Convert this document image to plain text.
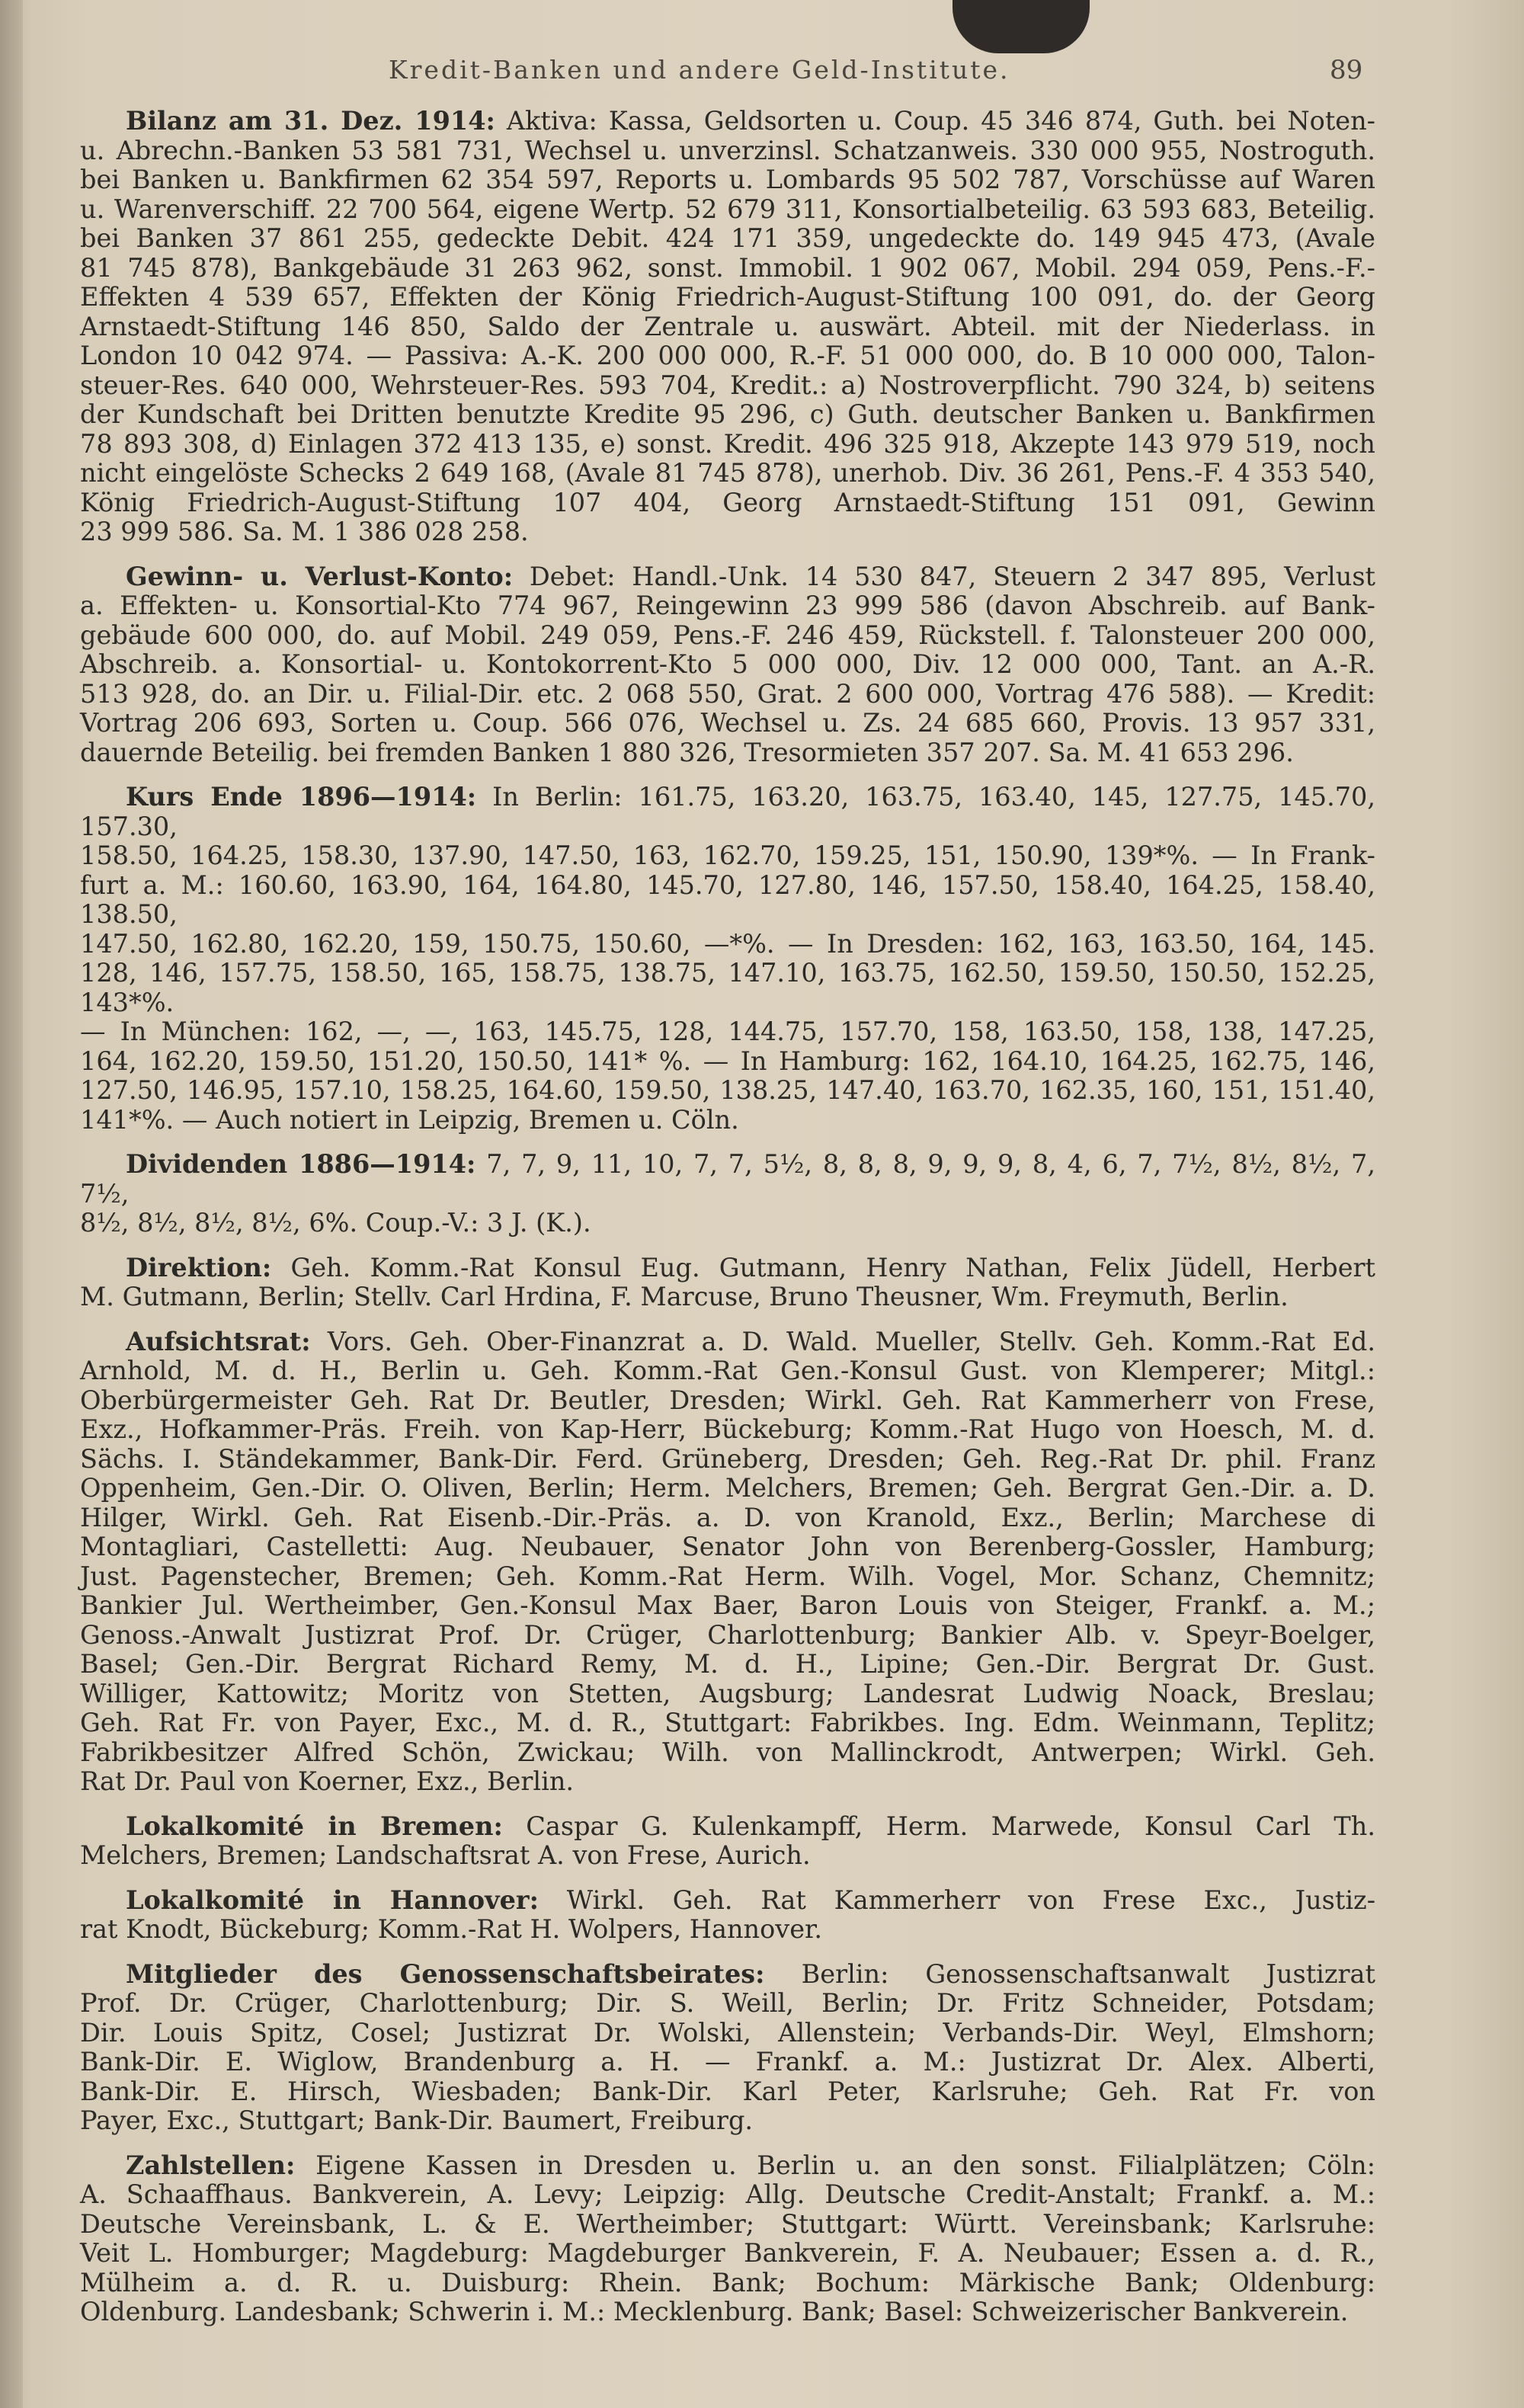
Kredit-Banken und andere Geld-Institute.	89

Bilanz am 31. Dez. 1914: Aktiva: Kassa, Geldsorten u. Coup. 45 346 874, Guth. bei Noten-

u. Abrechn.-Banken 53 581 731, Wechsel u. unverzinsl. Schatzanweis. 330 000 955, Nostroguth.

bei Banken u. Bankfirmen 62 354 597, Reports u. Lombards 95 502 787, Vorschüsse auf Waren

u. Warenverschiff. 22 700 564, eigene Wertp. 52 679 311, Konsortialbeteilig. 63 593 683, Beteilig.

bei Banken 37 861 255, gedeckte Debit. 424 171 359, ungedeckte do. 149 945 473, (Avale

81 745 878), Bankgebäude 31 263 962, sonst. Immobil. 1 902 067, Mobil. 294 059, Pens.-F.-

Effekten 4 539 657, Effekten der König Friedrich-August-Stiftung 100 091, do. der Georg

Arnstaedt-Stiftung 146 850, Saldo der Zentrale u. auswärt. Abteil. mit der Niederlass. in

London 10 042 974. — Passiva: A.-K. 200 000 000, R.-F. 51 000 000, do. B 10 000 000, Talon-

steuer-Res. 640 000, Wehrsteuer-Res. 593 704, Kredit.: a) Nostroverpflicht. 790 324, b) seitens

der Kundschaft bei Dritten benutzte Kredite 95 296, c) Guth. deutscher Banken u. Bankfirmen

78 893 308, d) Einlagen 372 413 135, e) sonst. Kredit. 496 325 918, Akzepte 143 979 519, noch

nicht eingelöste Schecks 2 649 168, (Avale 81 745 878), unerhob. Div. 36 261, Pens.-F. 4 353 540,

König Friedrich-August-Stiftung 107 404, Georg Arnstaedt-Stiftung 151 091, Gewinn

23 999 586. Sa. M. 1 386 028 258.

Gewinn- u. Verlust-Konto: Debet: Handl.-Unk. 14 530 847, Steuern 2 347 895, Verlust

a. Effekten- u. Konsortial-Kto 774 967, Reingewinn 23 999 586 (davon Abschreib. auf Bank-

gebäude 600 000, do. auf Mobil. 249 059, Pens.-F. 246 459, Rückstell. f. Talonsteuer 200 000,

Abschreib. a. Konsortial- u. Kontokorrent-Kto 5 000 000, Div. 12 000 000, Tant. an A.-R.

513 928, do. an Dir. u. Filial-Dir. etc. 2 068 550, Grat. 2 600 000, Vortrag 476 588). — Kredit:

Vortrag 206 693, Sorten u. Coup. 566 076, Wechsel u. Zs. 24 685 660, Provis. 13 957 331,

dauernde Beteilig. bei fremden Banken 1 880 326, Tresormieten 357 207. Sa. M. 41 653 296.

Kurs Ende 1896—1914: In Berlin: 161.75, 163.20, 163.75, 163.40, 145, 127.75, 145.70, 157.30,

158.50, 164.25, 158.30, 137.90, 147.50, 163, 162.70, 159.25, 151, 150.90, 139*%. — In Frank-

furt a. M.: 160.60, 163.90, 164, 164.80, 145.70, 127.80, 146, 157.50, 158.40, 164.25, 158.40, 138.50,

147.50, 162.80, 162.20, 159, 150.75, 150.60, —*%. — In Dresden: 162, 163, 163.50, 164, 145.

128, 146, 157.75, 158.50, 165, 158.75, 138.75, 147.10, 163.75, 162.50, 159.50, 150.50, 152.25, 143*%.

— In München: 162, —, —, 163, 145.75, 128, 144.75, 157.70, 158, 163.50, 158, 138, 147.25,

164, 162.20, 159.50, 151.20, 150.50, 141* %. — In Hamburg: 162, 164.10, 164.25, 162.75, 146,

127.50, 146.95, 157.10, 158.25, 164.60, 159.50, 138.25, 147.40, 163.70, 162.35, 160, 151, 151.40,

141*%. — Auch notiert in Leipzig, Bremen u. Cöln.

Dividenden 1886—1914: 7, 7, 9, 11, 10, 7, 7, 5½, 8, 8, 8, 9, 9, 9, 8, 4, 6, 7, 7½, 8½, 8½, 7, 7½,

8½, 8½, 8½, 8½, 6%. Coup.-V.: 3 J. (K.).

Direktion: Geh. Komm.-Rat Konsul Eug. Gutmann, Henry Nathan, Felix Jüdell, Herbert

M. Gutmann, Berlin; Stellv. Carl Hrdina, F. Marcuse, Bruno Theusner, Wm. Freymuth, Berlin.

Aufsichtsrat: Vors. Geh. Ober-Finanzrat a. D. Wald. Mueller, Stellv. Geh. Komm.-Rat Ed.

Arnhold, M. d. H., Berlin u. Geh. Komm.-Rat Gen.-Konsul Gust. von Klemperer; Mitgl.:

Oberbürgermeister Geh. Rat Dr. Beutler, Dresden; Wirkl. Geh. Rat Kammerherr von Frese,

Exz., Hofkammer-Präs. Freih. von Kap-Herr, Bückeburg; Komm.-Rat Hugo von Hoesch, M. d.

Sächs. I. Ständekammer, Bank-Dir. Ferd. Grüneberg, Dresden; Geh. Reg.-Rat Dr. phil. Franz

Oppenheim, Gen.-Dir. O. Oliven, Berlin; Herm. Melchers, Bremen; Geh. Bergrat Gen.-Dir. a. D.

Hilger, Wirkl. Geh. Rat Eisenb.-Dir.-Präs. a. D. von Kranold, Exz., Berlin; Marchese di

Montagliari, Castelletti: Aug. Neubauer, Senator John von Berenberg-Gossler, Hamburg;

Just. Pagenstecher, Bremen; Geh. Komm.-Rat Herm. Wilh. Vogel, Mor. Schanz, Chemnitz;

Bankier Jul. Wertheimber, Gen.-Konsul Max Baer, Baron Louis von Steiger, Frankf. a. M.;

Genoss.-Anwalt Justizrat Prof. Dr. Crüger, Charlottenburg; Bankier Alb. v. Speyr-Boelger,

Basel; Gen.-Dir. Bergrat Richard Remy, M. d. H., Lipine; Gen.-Dir. Bergrat Dr. Gust.

Williger, Kattowitz; Moritz von Stetten, Augsburg; Landesrat Ludwig Noack, Breslau;

Geh. Rat Fr. von Payer, Exc., M. d. R., Stuttgart: Fabrikbes. Ing. Edm. Weinmann, Teplitz;

Fabrikbesitzer Alfred Schön, Zwickau; Wilh. von Mallinckrodt, Antwerpen; Wirkl. Geh.

Rat Dr. Paul von Koerner, Exz., Berlin.

Lokalkomité in Bremen: Caspar G. Kulenkampff, Herm. Marwede, Konsul Carl Th.

Melchers, Bremen; Landschaftsrat A. von Frese, Aurich.

Lokalkomité in Hannover: Wirkl. Geh. Rat Kammerherr von Frese Exc., Justiz-

rat Knodt, Bückeburg; Komm.-Rat H. Wolpers, Hannover.

Mitglieder des Genossenschaftsbeirates: Berlin: Genossenschaftsanwalt Justizrat

Prof. Dr. Crüger, Charlottenburg; Dir. S. Weill, Berlin; Dr. Fritz Schneider, Potsdam;

Dir. Louis Spitz, Cosel; Justizrat Dr. Wolski, Allenstein; Verbands-Dir. Weyl, Elmshorn;

Bank-Dir. E. Wiglow, Brandenburg a. H. — Frankf. a. M.: Justizrat Dr. Alex. Alberti,

Bank-Dir. E. Hirsch, Wiesbaden; Bank-Dir. Karl Peter, Karlsruhe; Geh. Rat Fr. von

Payer, Exc., Stuttgart; Bank-Dir. Baumert, Freiburg.

Zahlstellen: Eigene Kassen in Dresden u. Berlin u. an den sonst. Filialplätzen; Cöln:

A. Schaaffhaus. Bankverein, A. Levy; Leipzig: Allg. Deutsche Credit-Anstalt; Frankf. a. M.:

Deutsche Vereinsbank, L. & E. Wertheimber; Stuttgart: Württ. Vereinsbank; Karlsruhe:

Veit L. Homburger; Magdeburg: Magdeburger Bankverein, F. A. Neubauer; Essen a. d. R.,

Mülheim a. d. R. u. Duisburg: Rhein. Bank; Bochum: Märkische Bank; Oldenburg:

Oldenburg. Landesbank; Schwerin i. M.: Mecklenburg. Bank; Basel: Schweizerischer Bankverein.
